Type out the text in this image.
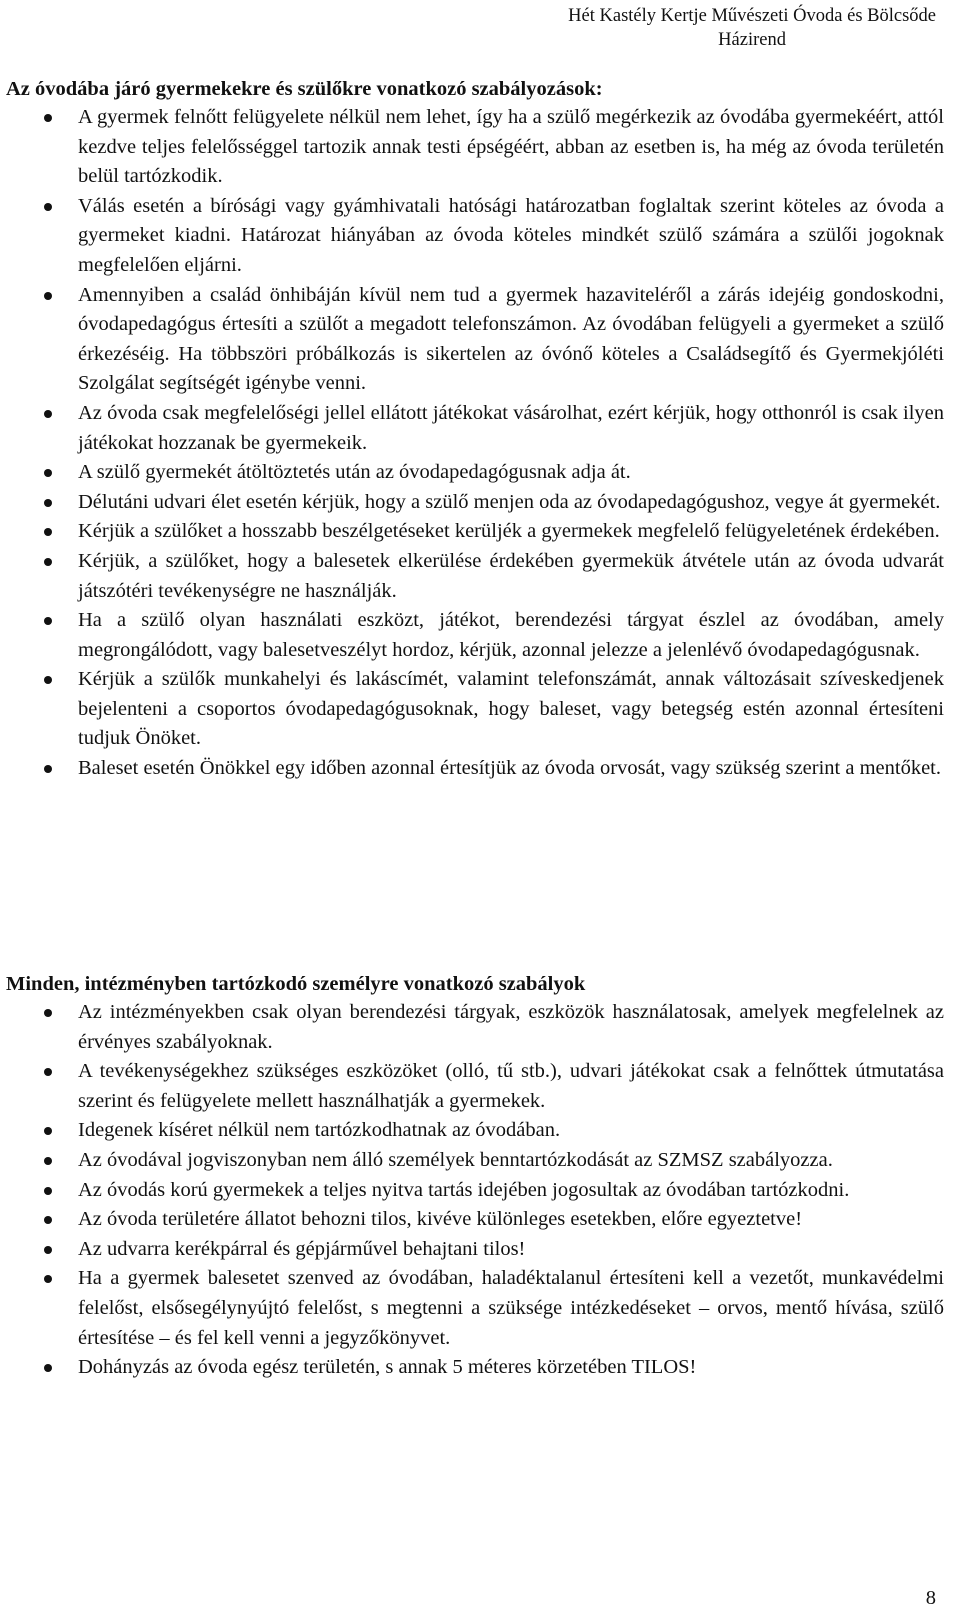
Hét Kastély Kertje Művészeti Óvoda és Bölcsőde
Házirend
Az óvodába járó gyermekekre és szülőkre vonatkozó szabályozások:
A gyermek felnőtt felügyelete nélkül nem lehet, így ha a szülő megérkezik az óvodába gyermekéért, attól kezdve teljes felelősséggel tartozik annak testi épségéért, abban az esetben is, ha még az óvoda területén belül tartózkodik.
Válás esetén a bírósági vagy gyámhivatali hatósági határozatban foglaltak szerint köteles az óvoda a gyermeket kiadni. Határozat hiányában az óvoda köteles mindkét szülő számára a szülői jogoknak megfelelően eljárni.
Amennyiben a család önhibáján kívül nem tud a gyermek hazaviteléről a zárás idejéig gondoskodni, óvodapedagógus értesíti a szülőt a megadott telefonszámon. Az óvodában felügyeli a gyermeket a szülő érkezéséig. Ha többszöri próbálkozás is sikertelen az óvónő köteles a Családsegítő és Gyermekjóléti Szolgálat segítségét igénybe venni.
Az óvoda csak megfelelőségi jellel ellátott játékokat vásárolhat, ezért kérjük, hogy otthonról is csak ilyen játékokat hozzanak be gyermekeik.
A szülő gyermekét átöltöztetés után az óvodapedagógusnak adja át.
Délutáni udvari élet esetén kérjük, hogy a szülő menjen oda az óvodapedagógushoz, vegye át gyermekét.
Kérjük a szülőket a hosszabb beszélgetéseket kerüljék a gyermekek megfelelő felügyeletének érdekében.
Kérjük, a szülőket, hogy a balesetek elkerülése érdekében gyermekük átvétele után az óvoda udvarát játszótéri tevékenységre ne használják.
Ha a szülő olyan használati eszközt, játékot, berendezési tárgyat észlel az óvodában, amely megrongálódott, vagy balesetveszélyt hordoz, kérjük, azonnal jelezze a jelenlévő óvodapedagógusnak.
Kérjük a szülők munkahelyi és lakáscímét, valamint telefonszámát, annak változásait szíveskedjenek bejelenteni a csoportos óvodapedagógusoknak, hogy baleset, vagy betegség estén azonnal értesíteni tudjuk Önöket.
Baleset esetén Önökkel egy időben azonnal értesítjük az óvoda orvosát, vagy szükség szerint a mentőket.
Minden, intézményben tartózkodó személyre vonatkozó szabályok
Az intézményekben csak olyan berendezési tárgyak, eszközök használatosak, amelyek megfelelnek az érvényes szabályoknak.
A tevékenységekhez szükséges eszközöket (olló, tű stb.), udvari játékokat csak a felnőttek útmutatása szerint és felügyelete mellett használhatják a gyermekek.
Idegenek kíséret nélkül nem tartózkodhatnak az óvodában.
Az óvodával jogviszonyban nem álló személyek benntartózkodását az SZMSZ szabályozza.
Az óvodás korú gyermekek a teljes nyitva tartás idejében jogosultak az óvodában tartózkodni.
Az óvoda területére állatot behozni tilos, kivéve különleges esetekben, előre egyeztetve!
Az udvarra kerékpárral és gépjárművel behajtani tilos!
Ha a gyermek balesetet szenved az óvodában, haladéktalanul értesíteni kell a vezetőt, munkavédelmi felelőst, elsősegélynyújtó felelőst, s megtenni a szüksége intézkedéseket – orvos, mentő hívása, szülő értesítése – és fel kell venni a jegyzőkönyvet.
Dohányzás az óvoda egész területén, s annak 5 méteres körzetében TILOS!
8
